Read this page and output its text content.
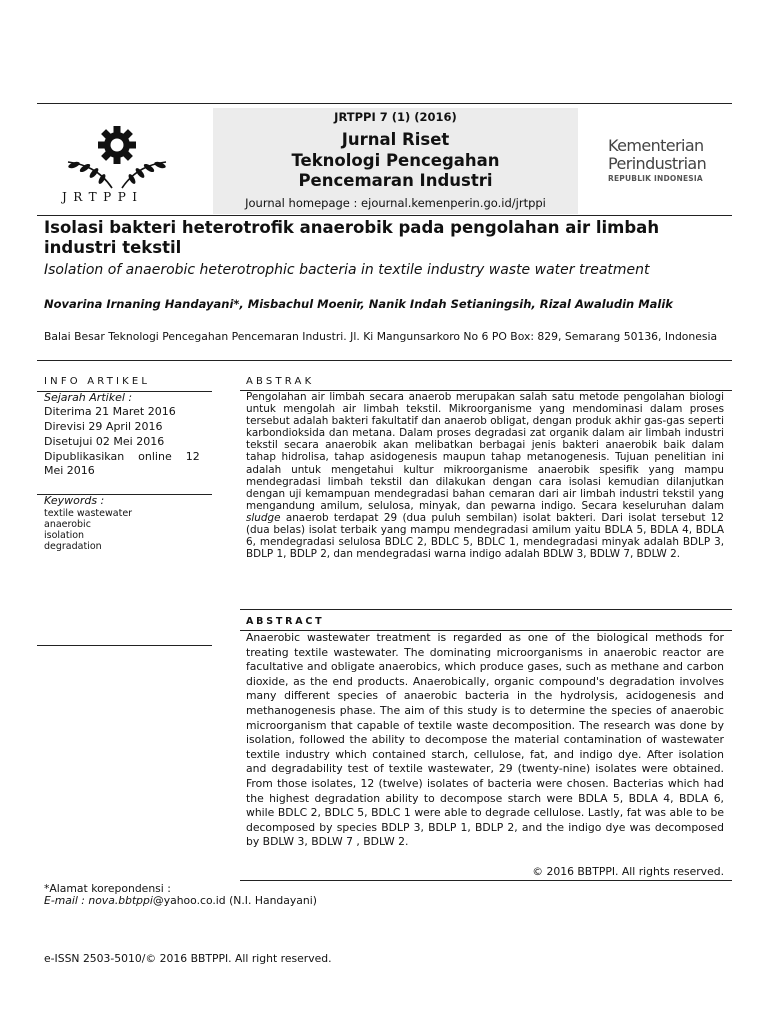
JRTPPI 7 (1) (2016)
Jurnal Riset
Teknologi Pencegahan
Pencemaran Industri
Journal homepage : ejournal.kemenperin.go.id/jrtppi
JRTPPI
Kementerian
Perindustrian
REPUBLIK INDONESIA
Isolasi bakteri heterotrofik anaerobik pada pengolahan air limbah industri tekstil
Isolation of anaerobic heterotrophic bacteria in textile industry waste water treatment
Novarina Irnaning Handayani*, Misbachul Moenir, Nanik Indah Setianingsih, Rizal Awaludin Malik
Balai Besar Teknologi Pencegahan Pencemaran Industri. Jl. Ki Mangunsarkoro No 6 PO Box: 829, Semarang 50136, Indonesia
INFO ARTIKEL
Sejarah Artikel :
Diterima 21 Maret 2016
Direvisi 29 April 2016
Disetujui 02 Mei 2016
Dipublikasikan    online    12
Mei 2016
Keywords :
textile wastewater
anaerobic
isolation
degradation
ABSTRAK
Pengolahan air limbah secara anaerob merupakan salah satu metode pengolahan biologi untuk mengolah air limbah tekstil. Mikroorganisme yang mendominasi dalam proses tersebut adalah bakteri fakultatif dan anaerob obligat, dengan produk akhir gas-gas seperti karbondioksida dan metana. Dalam proses degradasi zat organik dalam air limbah industri tekstil secara anaerobik akan melibatkan berbagai jenis bakteri anaerobik baik dalam tahap hidrolisa, tahap asidogenesis maupun tahap metanogenesis. Tujuan penelitian ini adalah untuk mengetahui kultur mikroorganisme anaerobik spesifik yang mampu mendegradasi limbah tekstil dan dilakukan dengan cara isolasi kemudian dilanjutkan dengan uji kemampuan mendegradasi bahan cemaran dari air limbah industri tekstil yang mengandung amilum, selulosa, minyak, dan pewarna indigo. Secara keseluruhan dalam sludge anaerob terdapat 29 (dua puluh sembilan) isolat bakteri. Dari isolat tersebut 12 (dua belas) isolat terbaik yang mampu mendegradasi amilum yaitu BDLA 5, BDLA 4, BDLA 6, mendegradasi selulosa BDLC 2, BDLC 5, BDLC 1, mendegradasi minyak adalah BDLP 3, BDLP 1, BDLP 2, dan mendegradasi warna indigo adalah BDLW 3, BDLW 7, BDLW 2.
ABSTRACT
Anaerobic wastewater treatment is regarded as one of the biological methods for treating textile wastewater. The dominating microorganisms in anaerobic reactor are facultative and obligate anaerobics, which produce gases, such as methane and carbon dioxide, as the end products. Anaerobically, organic compound's degradation involves many different species of anaerobic bacteria in the hydrolysis, acidogenesis and methanogenesis phase. The aim of this study is to determine the species of anaerobic microorganism that capable of textile waste decomposition. The research was done by isolation, followed the ability to decompose the material contamination of wastewater textile industry which contained starch, cellulose, fat, and indigo dye. After isolation and degradability test of textile wastewater, 29 (twenty-nine) isolates were obtained. From those isolates, 12 (twelve) isolates of bacteria were chosen. Bacterias which had the highest degradation ability to decompose starch were BDLA 5, BDLA 4, BDLA 6, while BDLC 2, BDLC 5, BDLC 1 were able to degrade cellulose. Lastly, fat was able to be decomposed by species BDLP 3, BDLP 1, BDLP 2, and the indigo dye was decomposed by BDLW 3, BDLW 7 , BDLW 2.
© 2016 BBTPPI. All rights reserved.
*Alamat korepondensi :
E-mail : nova.bbtppi@yahoo.co.id (N.I. Handayani)
e-ISSN 2503-5010/© 2016 BBTPPI. All right reserved.
